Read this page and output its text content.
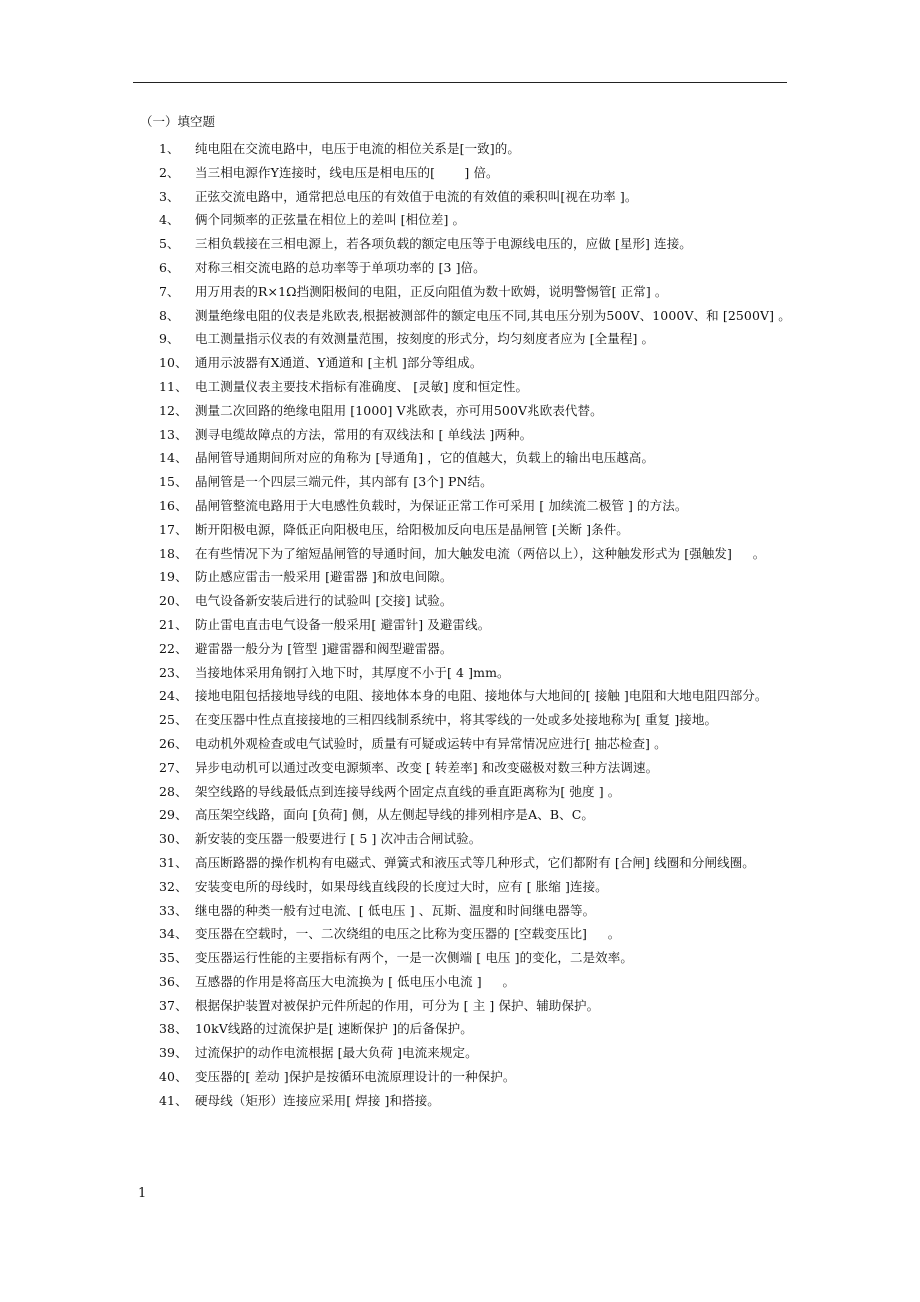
（一）填空题
1、	纯电阻在交流电路中，电压于电流的相位关系是[一致]的。
2、	当三相电源作Y连接时，线电压是相电压的[　　 ] 倍。
3、	正弦交流电路中，通常把总电压的有效值于电流的有效值的乘积叫[视在功率 ]。
4、	俩个同频率的正弦量在相位上的差叫 [相位差] 。
5、	三相负载接在三相电源上，若各项负载的额定电压等于电源线电压的，应做 [星形] 连接。
6、	对称三相交流电路的总功率等于单项功率的 [3 ]倍。
7、	用万用表的R×1Ω挡测阳极间的电阻，正反向阻值为数十欧姆，说明警惕管[ 正常] 。
8、	测量绝缘电阻的仪表是兆欧表,根据被测部件的额定电压不同,其电压分别为500V、1000V、和 [2500V] 。
9、	电工测量指示仪表的有效测量范围，按刻度的形式分，均匀刻度者应为 [全量程] 。
10、 通用示波器有X通道、Y通道和 [主机 ]部分等组成。
11、 电工测量仪表主要技术指标有准确度、 [灵敏] 度和恒定性。
12、 测量二次回路的绝缘电阻用 [1000] V兆欧表，亦可用500V兆欧表代替。
13、 测寻电缆故障点的方法，常用的有双线法和 [ 单线法 ]两种。
14、 晶闸管导通期间所对应的角称为 [导通角] ，它的值越大，负载上的输出电压越高。
15、 晶闸管是一个四层三端元件，其内部有 [3个] PN结。
16、 晶闸管整流电路用于大电感性负载时，为保证正常工作可采用 [ 加续流二极管 ] 的方法。
17、 断开阳极电源，降低正向阳极电压，给阳极加反向电压是晶闸管 [关断 ]条件。
18、 在有些情况下为了缩短晶闸管的导通时间，加大触发电流（两倍以上），这种触发形式为 [强触发] 　 。
19、 防止感应雷击一般采用 [避雷器 ]和放电间隙。
20、 电气设备新安装后进行的试验叫 [交接] 试验。
21、 防止雷电直击电气设备一般采用[ 避雷针] 及避雷线。
22、 避雷器一般分为 [管型 ]避雷器和阀型避雷器。
23、 当接地体采用角钢打入地下时，其厚度不小于[ 4 ]mm。
24、 接地电阻包括接地导线的电阻、接地体本身的电阻、接地体与大地间的[ 接触 ]电阻和大地电阻四部分。
25、 在变压器中性点直接接地的三相四线制系统中，将其零线的一处或多处接地称为[ 重复 ]接地。
26、 电动机外观检查或电气试验时，质量有可疑或运转中有异常情况应进行[ 抽芯检查] 。
27、 异步电动机可以通过改变电源频率、改变 [ 转差率] 和改变磁极对数三种方法调速。
28、 架空线路的导线最低点到连接导线两个固定点直线的垂直距离称为[ 弛度 ] 。
29、 高压架空线路，面向 [负荷] 侧，从左侧起导线的排列相序是A、B、C。
30、 新安装的变压器一般要进行 [ 5 ] 次冲击合闸试验。
31、 高压断路器的操作机构有电磁式、弹簧式和液压式等几种形式，它们都附有 [合闸] 线圈和分闸线圈。
32、 安装变电所的母线时，如果母线直线段的长度过大时，应有 [ 胀缩 ]连接。
33、 继电器的种类一般有过电流、[ 低电压 ] 、瓦斯、温度和时间继电器等。
34、 变压器在空载时，一、二次绕组的电压之比称为变压器的 [空载变压比] 　 。
35、 变压器运行性能的主要指标有两个，一是一次侧端 [ 电压 ]的变化，二是效率。
36、 互感器的作用是将高压大电流换为 [ 低电压小电流 ] 　 。
37、 根据保护装置对被保护元件所起的作用，可分为 [ 主 ] 保护、辅助保护。
38、 10kV线路的过流保护是[ 速断保护 ]的后备保护。
39、 过流保护的动作电流根据 [最大负荷 ]电流来规定。
40、 变压器的[ 差动 ]保护是按循环电流原理设计的一种保护。
41、 硬母线（矩形）连接应采用[ 焊接 ]和搭接。
1
